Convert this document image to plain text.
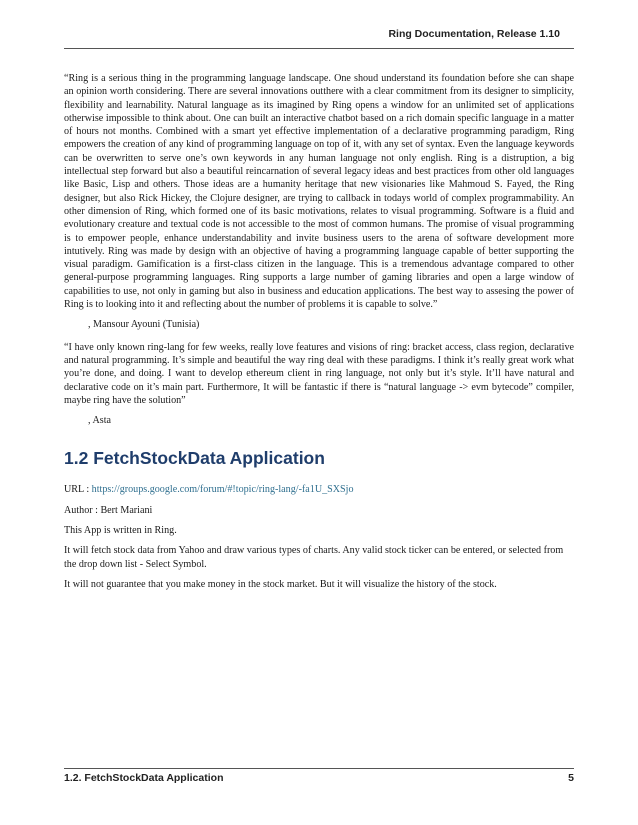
Ring Documentation, Release 1.10

“Ring is a serious thing in the programming language landscape. One shoud understand its foundation before she can shape an opinion worth considering. There are several innovations outthere with a clear commitment from its designer to simplicity, flexibility and learnability. Natural language as its imagined by Ring opens a window for an unlimited set of applications otherwise impossible to think about. One can built an interactive chatbot based on a rich domain specific language in a matter of hours not months. Combined with a smart yet effective implementation of a declarative programming paradigm, Ring empowers the creation of any kind of programming language on top of it, with any set of syntax. Even the language keywords can be overwritten to serve one’s own keywords in any human language not only english. Ring is a distruption, a big intellectual step forward but also a beautiful reincarnation of several legacy ideas and best practices from other old languages like Basic, Lisp and others. Those ideas are a humanity heritage that new visionaries like Mahmoud S. Fayed, the Ring designer, but also Rick Hickey, the Clojure designer, are trying to callback in todays world of complex programmability. An other dimension of Ring, which formed one of its basic motivations, relates to visual programming. Software is a fluid and evolutionary creature and textual code is not accessible to the most of common humans. The promise of visual programming is to empower people, enhance understandability and invite business users to the arena of software development more intutively. Ring was made by design with an objective of having a programming language capable of better supporting the visual paradigm. Gamification is a first-class citizen in the language. This is a tremendous advantage compared to other general-purpose programming languages. Ring supports a large number of gaming libraries and open a large window of capabilities to use, not only in gaming but also in business and education applications. The best way to assesing the power of Ring is to looking into it and reflecting about the number of problems it is capable to solve.”

, Mansour Ayouni (Tunisia)

“I have only known ring-lang for few weeks, really love features and visions of ring: bracket access, class region, declarative and natural programming. It’s simple and beautiful the way ring deal with these paradigms. I think it’s really great work what you’re done, and doing. I want to develop ethereum client in ring language, not only but it’s style. It’ll have natural and declarative code on it’s main part. Furthermore, It will be fantastic if there is “natural language -> evm bytecode” compiler, maybe ring have the solution”

, Asta

1.2 FetchStockData Application

URL : https://groups.google.com/forum/#!topic/ring-lang/-fa1U_SXSjo

Author : Bert Mariani

This App is written in Ring.

It will fetch stock data from Yahoo and draw various types of charts. Any valid stock ticker can be entered, or selected from the drop down list - Select Symbol.

It will not guarantee that you make money in the stock market. But it will visualize the history of the stock.

1.2. FetchStockData Application	5
